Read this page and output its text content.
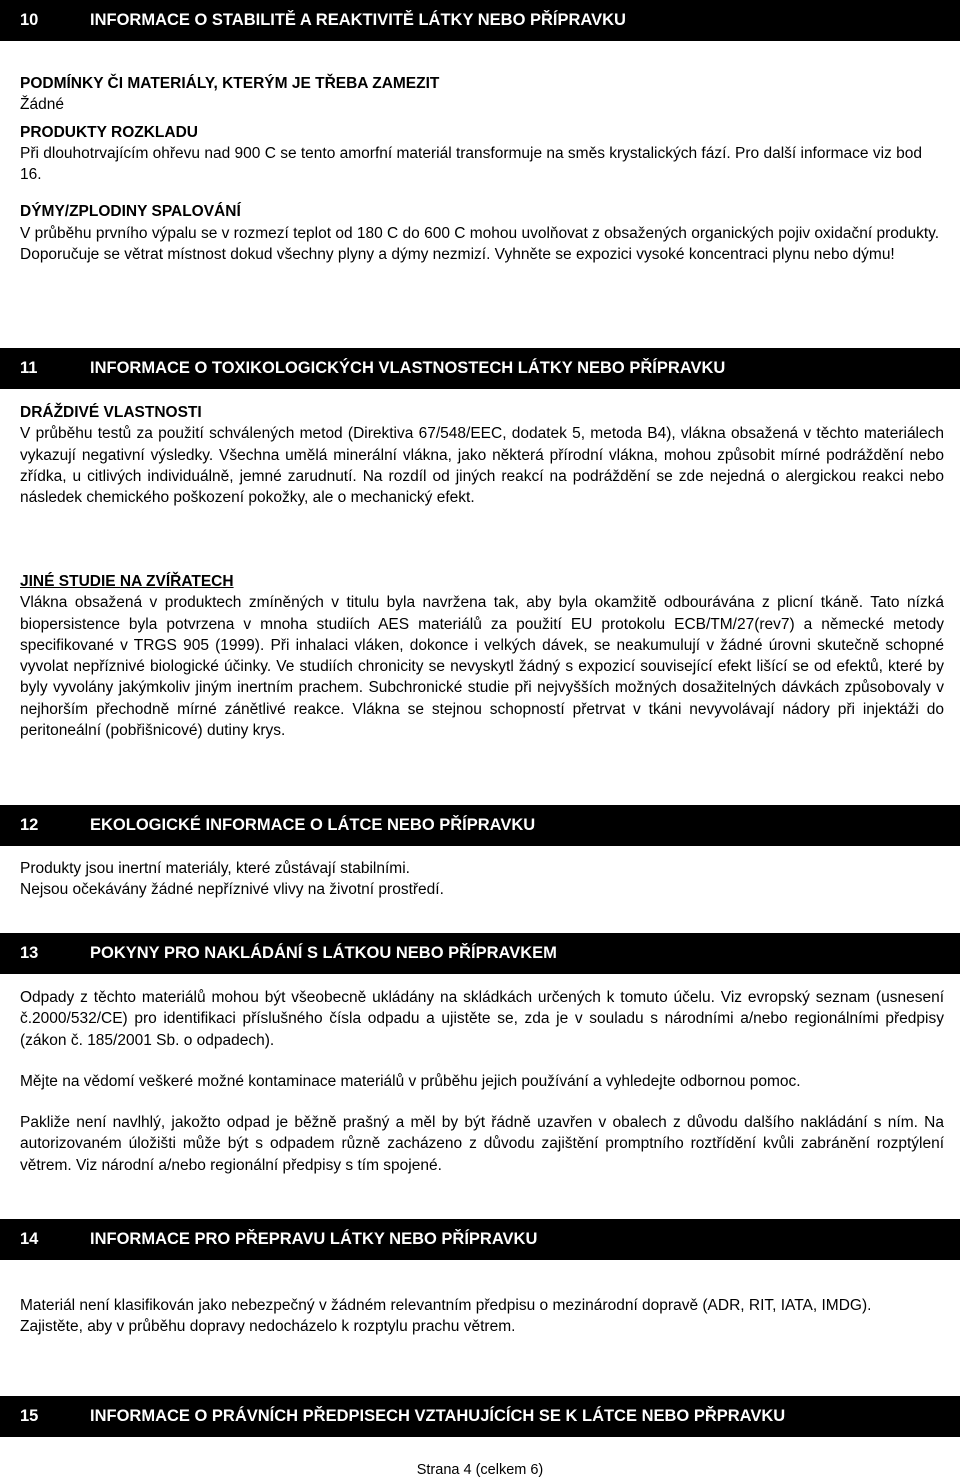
10	INFORMACE O STABILITĚ A REAKTIVITĚ LÁTKY NEBO PŘÍPRAVKU
PODMÍNKY ČI MATERIÁLY, KTERÝM JE TŘEBA ZAMEZIT
Žádné
PRODUKTY ROZKLADU
Při dlouhotrvajícím ohřevu nad 900 C se tento amorfní materiál transformuje na směs krystalických fází. Pro další informace viz bod 16.
DÝMY/ZPLODINY SPALOVÁNÍ
V průběhu prvního výpalu se v rozmezí teplot od 180 C do 600 C mohou uvolňovat z obsažených organických pojiv oxidační produkty. Doporučuje se větrat místnost dokud všechny plyny a dýmy nezmizí. Vyhněte se expozici vysoké koncentraci plynu nebo dýmu!
11	INFORMACE O TOXIKOLOGICKÝCH VLASTNOSTECH LÁTKY NEBO PŘÍPRAVKU
DRÁŽDIVÉ VLASTNOSTI
V průběhu testů za použití schválených metod (Direktiva 67/548/EEC, dodatek 5, metoda B4), vlákna obsažená v těchto materiálech vykazují negativní výsledky. Všechna umělá minerální vlákna, jako některá přírodní vlákna, mohou způsobit mírné podráždění nebo zřídka, u citlivých individuálně, jemné zarudnutí. Na rozdíl od jiných reakcí na podráždění se zde nejedná o alergickou reakci nebo následek chemického poškození pokožky, ale o mechanický efekt.
JINÉ STUDIE NA ZVÍŘATECH
Vlákna obsažená v produktech zmíněných v titulu byla navržena tak, aby byla okamžitě odbourávána z plicní tkáně. Tato nízká biopersistence byla potvrzena v mnoha studiích AES materiálů za použití EU protokolu ECB/TM/27(rev7) a německé metody specifikované v TRGS 905 (1999). Při inhalaci vláken, dokonce i velkých dávek, se neakumulují v žádné úrovni skutečně schopné vyvolat nepříznivé biologické účinky. Ve studiích chronicity se nevyskytl žádný s expozicí související efekt lišící se od efektů, které by byly vyvolány jakýmkoliv jiným inertním prachem. Subchronické studie při nejvyšších možných dosažitelných dávkách způsobovaly v nejhorším přechodně mírné zánětlivé reakce. Vlákna se stejnou schopností přetrvat v tkáni nevyvolávají nádory při injektáži do peritoneální (pobřišnicové) dutiny krys.
12	EKOLOGICKÉ INFORMACE O LÁTCE NEBO PŘÍPRAVKU
Produkty jsou inertní materiály, které zůstávají stabilními.
Nejsou očekávány žádné nepříznivé vlivy na životní prostředí.
13	POKYNY PRO NAKLÁDÁNÍ S LÁTKOU NEBO PŘÍPRAVKEM
Odpady z těchto materiálů mohou být všeobecně ukládány na skládkách určených k tomuto účelu. Viz evropský seznam (usnesení č.2000/532/CE) pro identifikaci příslušného čísla odpadu a ujistěte se, zda je v souladu s národními a/nebo regionálními předpisy (zákon č. 185/2001 Sb. o odpadech).
Mějte na vědomí veškeré možné kontaminace materiálů v průběhu jejich používání a vyhledejte odbornou pomoc.
Pakliže není navlhlý, jakožto odpad je běžně prašný a měl by být řádně uzavřen v obalech z důvodu dalšího nakládání s ním. Na autorizovaném úložišti může být s odpadem různě zacházeno z důvodu zajištění promptního roztřídění kvůli zabránění rozptýlení větrem. Viz národní a/nebo regionální předpisy s tím spojené.
14	INFORMACE PRO PŘEPRAVU LÁTKY NEBO PŘÍPRAVKU
Materiál není klasifikován jako nebezpečný v žádném relevantním předpisu o mezinárodní dopravě (ADR, RIT, IATA, IMDG).
Zajistěte, aby v průběhu dopravy nedocházelo k rozptylu prachu větrem.
15	INFORMACE O PRÁVNÍCH PŘEDPISECH VZTAHUJÍCÍCH SE K LÁTCE NEBO PŘPRAVKU
Strana 4 (celkem 6)
